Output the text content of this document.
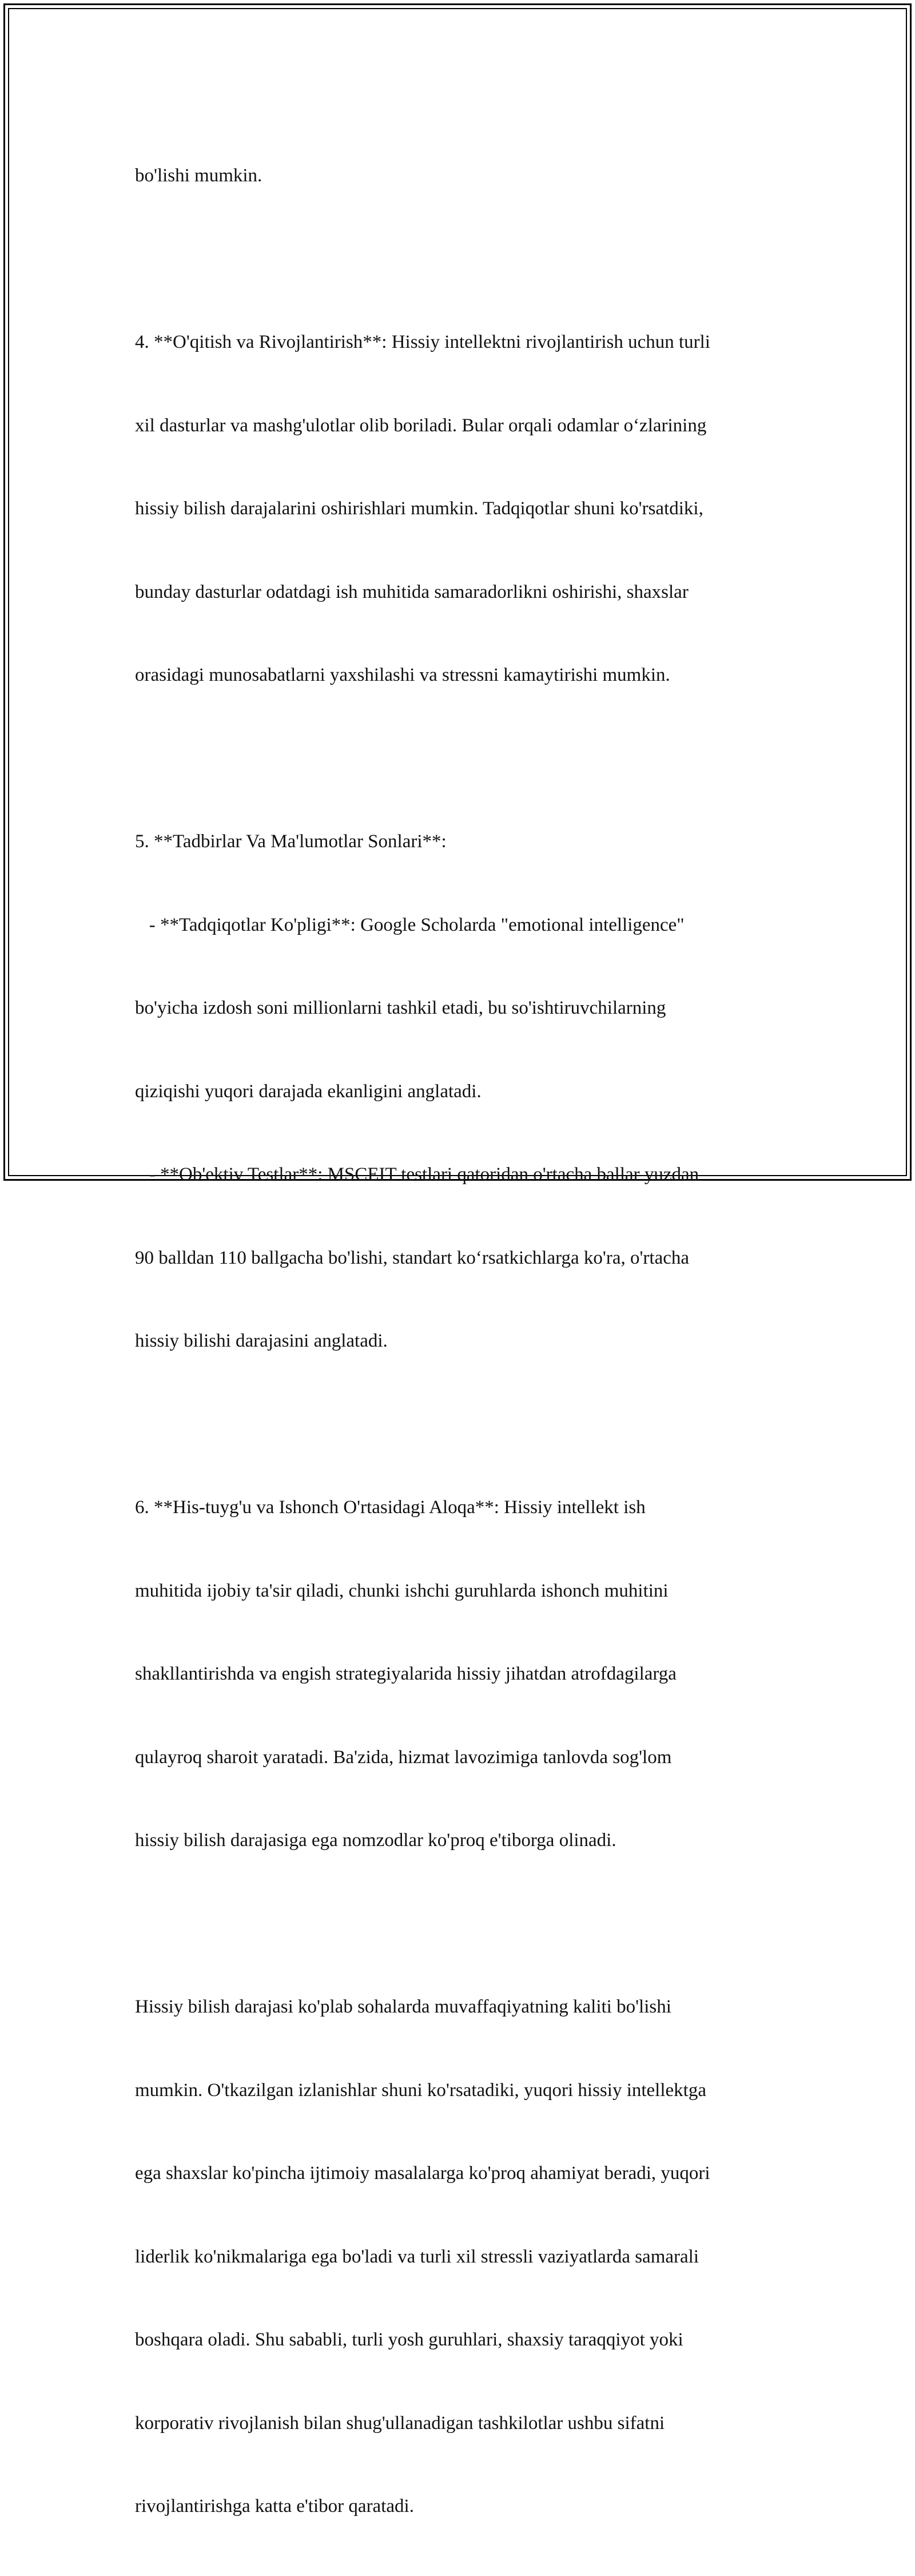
bo'lishi mumkin.

4. **O'qitish va Rivojlantirish**: Hissiy intellektni rivojlantirish uchun turli

xil dasturlar va mashg'ulotlar olib boriladi. Bular orqali odamlar o‘zlarining

hissiy bilish darajalarini oshirishlari mumkin. Tadqiqotlar shuni ko'rsatdiki,

bunday dasturlar odatdagi ish muhitida samaradorlikni oshirishi, shaxslar

orasidagi munosabatlarni yaxshilashi va stressni kamaytirishi mumkin.

5. **Tadbirlar Va Ma'lumotlar Sonlari**:

- **Tadqiqotlar Ko'pligi**: Google Scholarda "emotional intelligence"

bo'yicha izdosh soni millionlarni tashkil etadi, bu so'ishtiruvchilarning

qiziqishi yuqori darajada ekanligini anglatadi.

- **Ob'ektiv Testlar**: MSCEIT testlari qatoridan o'rtacha ballar yuzdan

90 balldan 110 ballgacha bo'lishi, standart ko‘rsatkichlarga ko'ra, o'rtacha

hissiy bilishi darajasini anglatadi.

6. **His-tuyg'u va Ishonch O'rtasidagi Aloqa**: Hissiy intellekt ish

muhitida ijobiy ta'sir qiladi, chunki ishchi guruhlarda ishonch muhitini

shakllantirishda va engish strategiyalarida hissiy jihatdan atrofdagilarga

qulayroq sharoit yaratadi. Ba'zida, hizmat lavozimiga tanlovda sog'lom

hissiy bilish darajasiga ega nomzodlar ko'proq e'tiborga olinadi.

Hissiy bilish darajasi ko'plab sohalarda muvaffaqiyatning kaliti bo'lishi

mumkin. O'tkazilgan izlanishlar shuni ko'rsatadiki, yuqori hissiy intellektga

ega shaxslar ko'pincha ijtimoiy masalalarga ko'proq ahamiyat beradi, yuqori

liderlik ko'nikmalariga ega bo'ladi va turli xil stressli vaziyatlarda samarali

boshqara oladi. Shu sababli, turli yosh guruhlari, shaxsiy taraqqiyot yoki

korporativ rivojlanish bilan shug'ullanadigan tashkilotlar ushbu sifatni

rivojlantirishga katta e'tibor qaratadi.
